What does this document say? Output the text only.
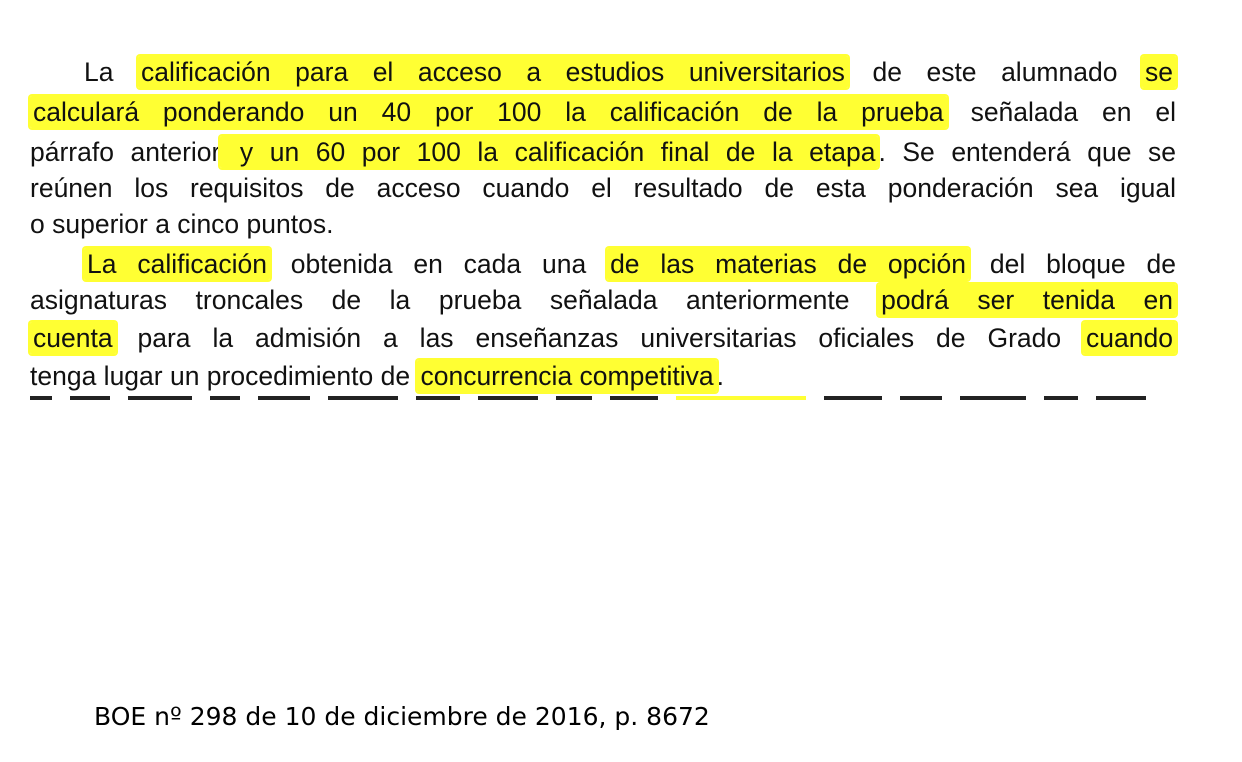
La calificación para el acceso a estudios universitarios de este alumnado se
calculará ponderando un 40 por 100 la calificación de la prueba señalada en el
párrafo anterior y un 60 por 100 la calificación final de la etapa . Se entenderá que se
reúnen los requisitos de acceso cuando el resultado de esta ponderación sea igual
o superior a cinco puntos.
La calificación obtenida en cada una de las materias de opción del bloque de
asignaturas troncales de la prueba señalada anteriormente podrá ser tenida en
cuenta para la admisión a las enseñanzas universitarias oficiales de Grado cuando
tenga lugar un procedimiento de concurrencia competitiva .
BOE nº 298 de 10 de diciembre de 2016, p. 8672
